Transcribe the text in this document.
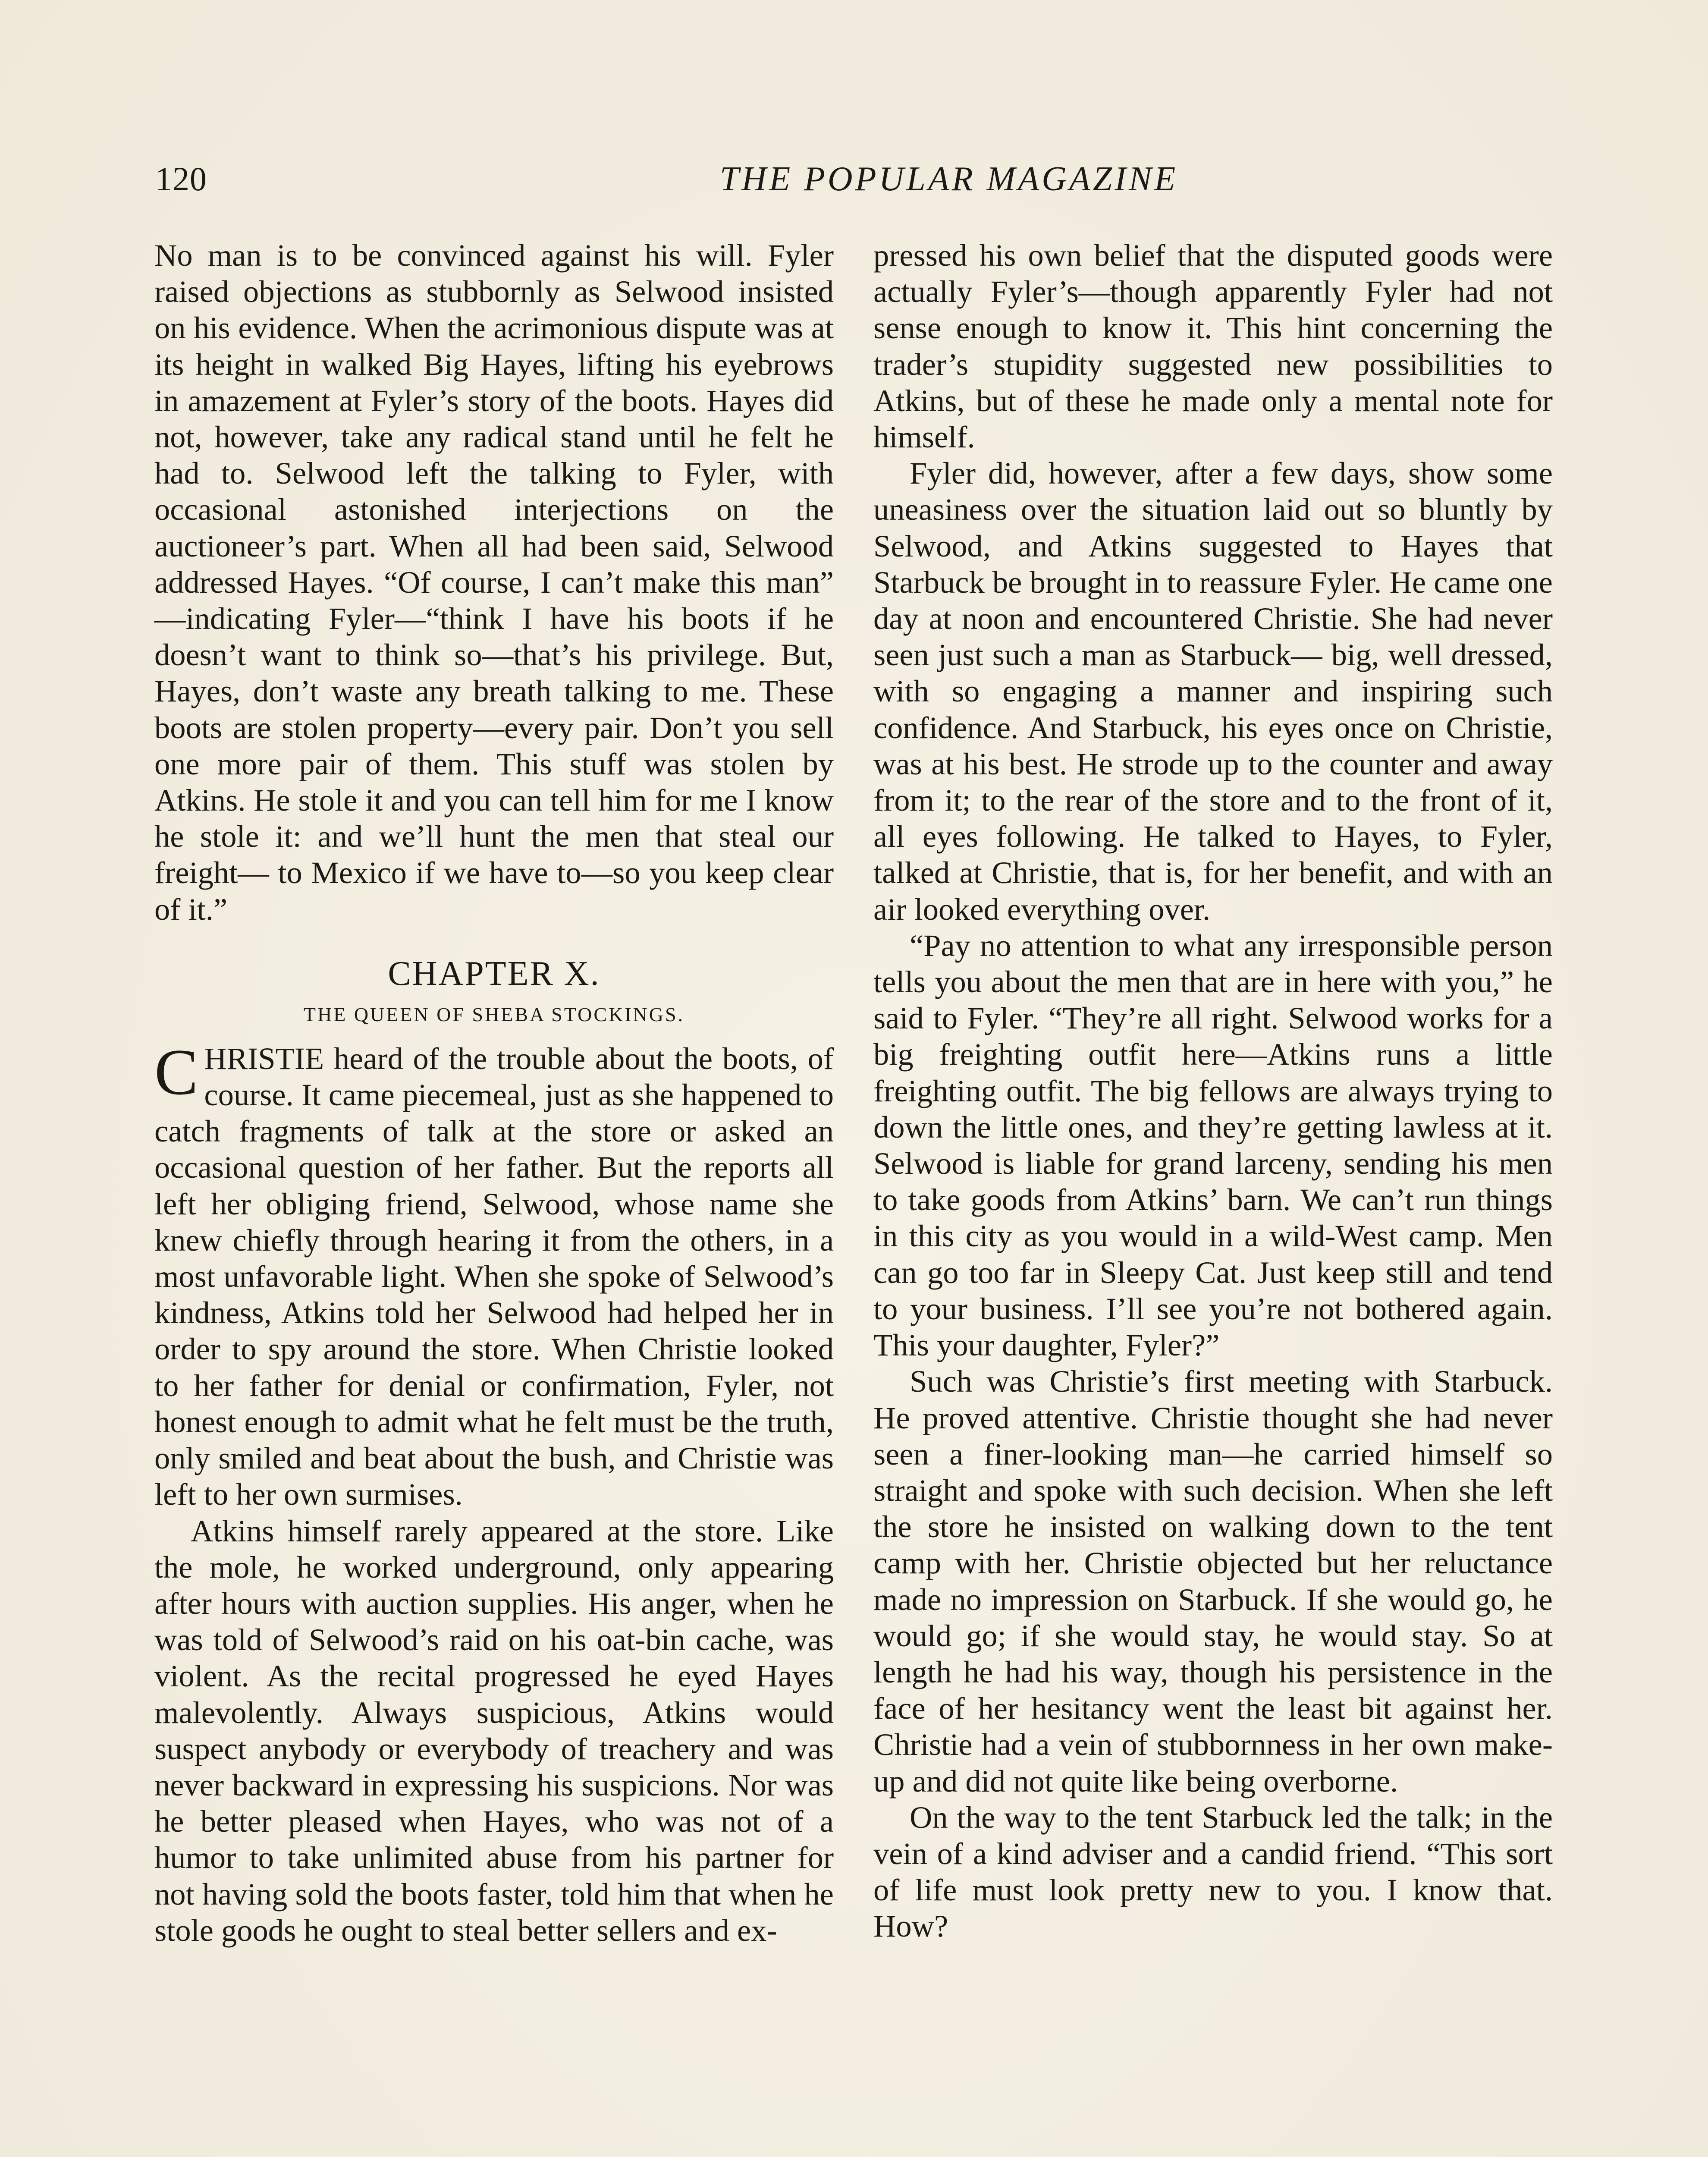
120	THE POPULAR MAGAZINE

No man is to be convinced against his will. Fyler raised objections as stubbornly as Selwood insisted on his evidence. When the acrimonious dispute was at its height in walked Big Hayes, lifting his eyebrows in amazement at Fyler’s story of the boots. Hayes did not, however, take any radical stand until he felt he had to. Selwood left the talking to Fyler, with occasional astonished interjections on the auctioneer’s part. When all had been said, Selwood addressed Hayes. “Of course, I can’t make this man” —indicating Fyler—“think I have his boots if he doesn’t want to think so—that’s his privilege. But, Hayes, don’t waste any breath talking to me. These boots are stolen property—every pair. Don’t you sell one more pair of them. This stuff was stolen by Atkins. He stole it and you can tell him for me I know he stole it: and we’ll hunt the men that steal our freight— to Mexico if we have to—so you keep clear of it.”

CHAPTER X.
THE QUEEN OF SHEBA STOCKINGS.

CHRISTIE heard of the trouble about the boots, of course. It came piecemeal, just as she happened to catch fragments of talk at the store or asked an occasional question of her father. But the reports all left her obliging friend, Selwood, whose name she knew chiefly through hearing it from the others, in a most unfavorable light. When she spoke of Selwood’s kindness, Atkins told her Selwood had helped her in order to spy around the store. When Christie looked to her father for denial or confirmation, Fyler, not honest enough to admit what he felt must be the truth, only smiled and beat about the bush, and Christie was left to her own surmises.

Atkins himself rarely appeared at the store. Like the mole, he worked underground, only appearing after hours with auction supplies. His anger, when he was told of Selwood’s raid on his oat-bin cache, was violent. As the recital progressed he eyed Hayes malevolently. Always suspicious, Atkins would suspect anybody or everybody of treachery and was never backward in expressing his suspicions. Nor was he better pleased when Hayes, who was not of a humor to take unlimited abuse from his partner for not having sold the boots faster, told him that when he stole goods he ought to steal better sellers and ex-

pressed his own belief that the disputed goods were actually Fyler’s—though apparently Fyler had not sense enough to know it. This hint concerning the trader’s stupidity suggested new possibilities to Atkins, but of these he made only a mental note for himself.

Fyler did, however, after a few days, show some uneasiness over the situation laid out so bluntly by Selwood, and Atkins suggested to Hayes that Starbuck be brought in to reassure Fyler. He came one day at noon and encountered Christie. She had never seen just such a man as Starbuck— big, well dressed, with so engaging a manner and inspiring such confidence. And Starbuck, his eyes once on Christie, was at his best. He strode up to the counter and away from it; to the rear of the store and to the front of it, all eyes following. He talked to Hayes, to Fyler, talked at Christie, that is, for her benefit, and with an air looked everything over.

“Pay no attention to what any irresponsible person tells you about the men that are in here with you,” he said to Fyler. “They’re all right. Selwood works for a big freighting outfit here—Atkins runs a little freighting outfit. The big fellows are always trying to down the little ones, and they’re getting lawless at it. Selwood is liable for grand larceny, sending his men to take goods from Atkins’ barn. We can’t run things in this city as you would in a wild-West camp. Men can go too far in Sleepy Cat. Just keep still and tend to your business. I’ll see you’re not bothered again. This your daughter, Fyler?”

Such was Christie’s first meeting with Starbuck. He proved attentive. Christie thought she had never seen a finer-looking man—he carried himself so straight and spoke with such decision. When she left the store he insisted on walking down to the tent camp with her. Christie objected but her reluctance made no impression on Starbuck. If she would go, he would go; if she would stay, he would stay. So at length he had his way, though his persistence in the face of her hesitancy went the least bit against her. Christie had a vein of stubbornness in her own make-up and did not quite like being overborne.

On the way to the tent Starbuck led the talk; in the vein of a kind adviser and a candid friend. “This sort of life must look pretty new to you. I know that. How?
